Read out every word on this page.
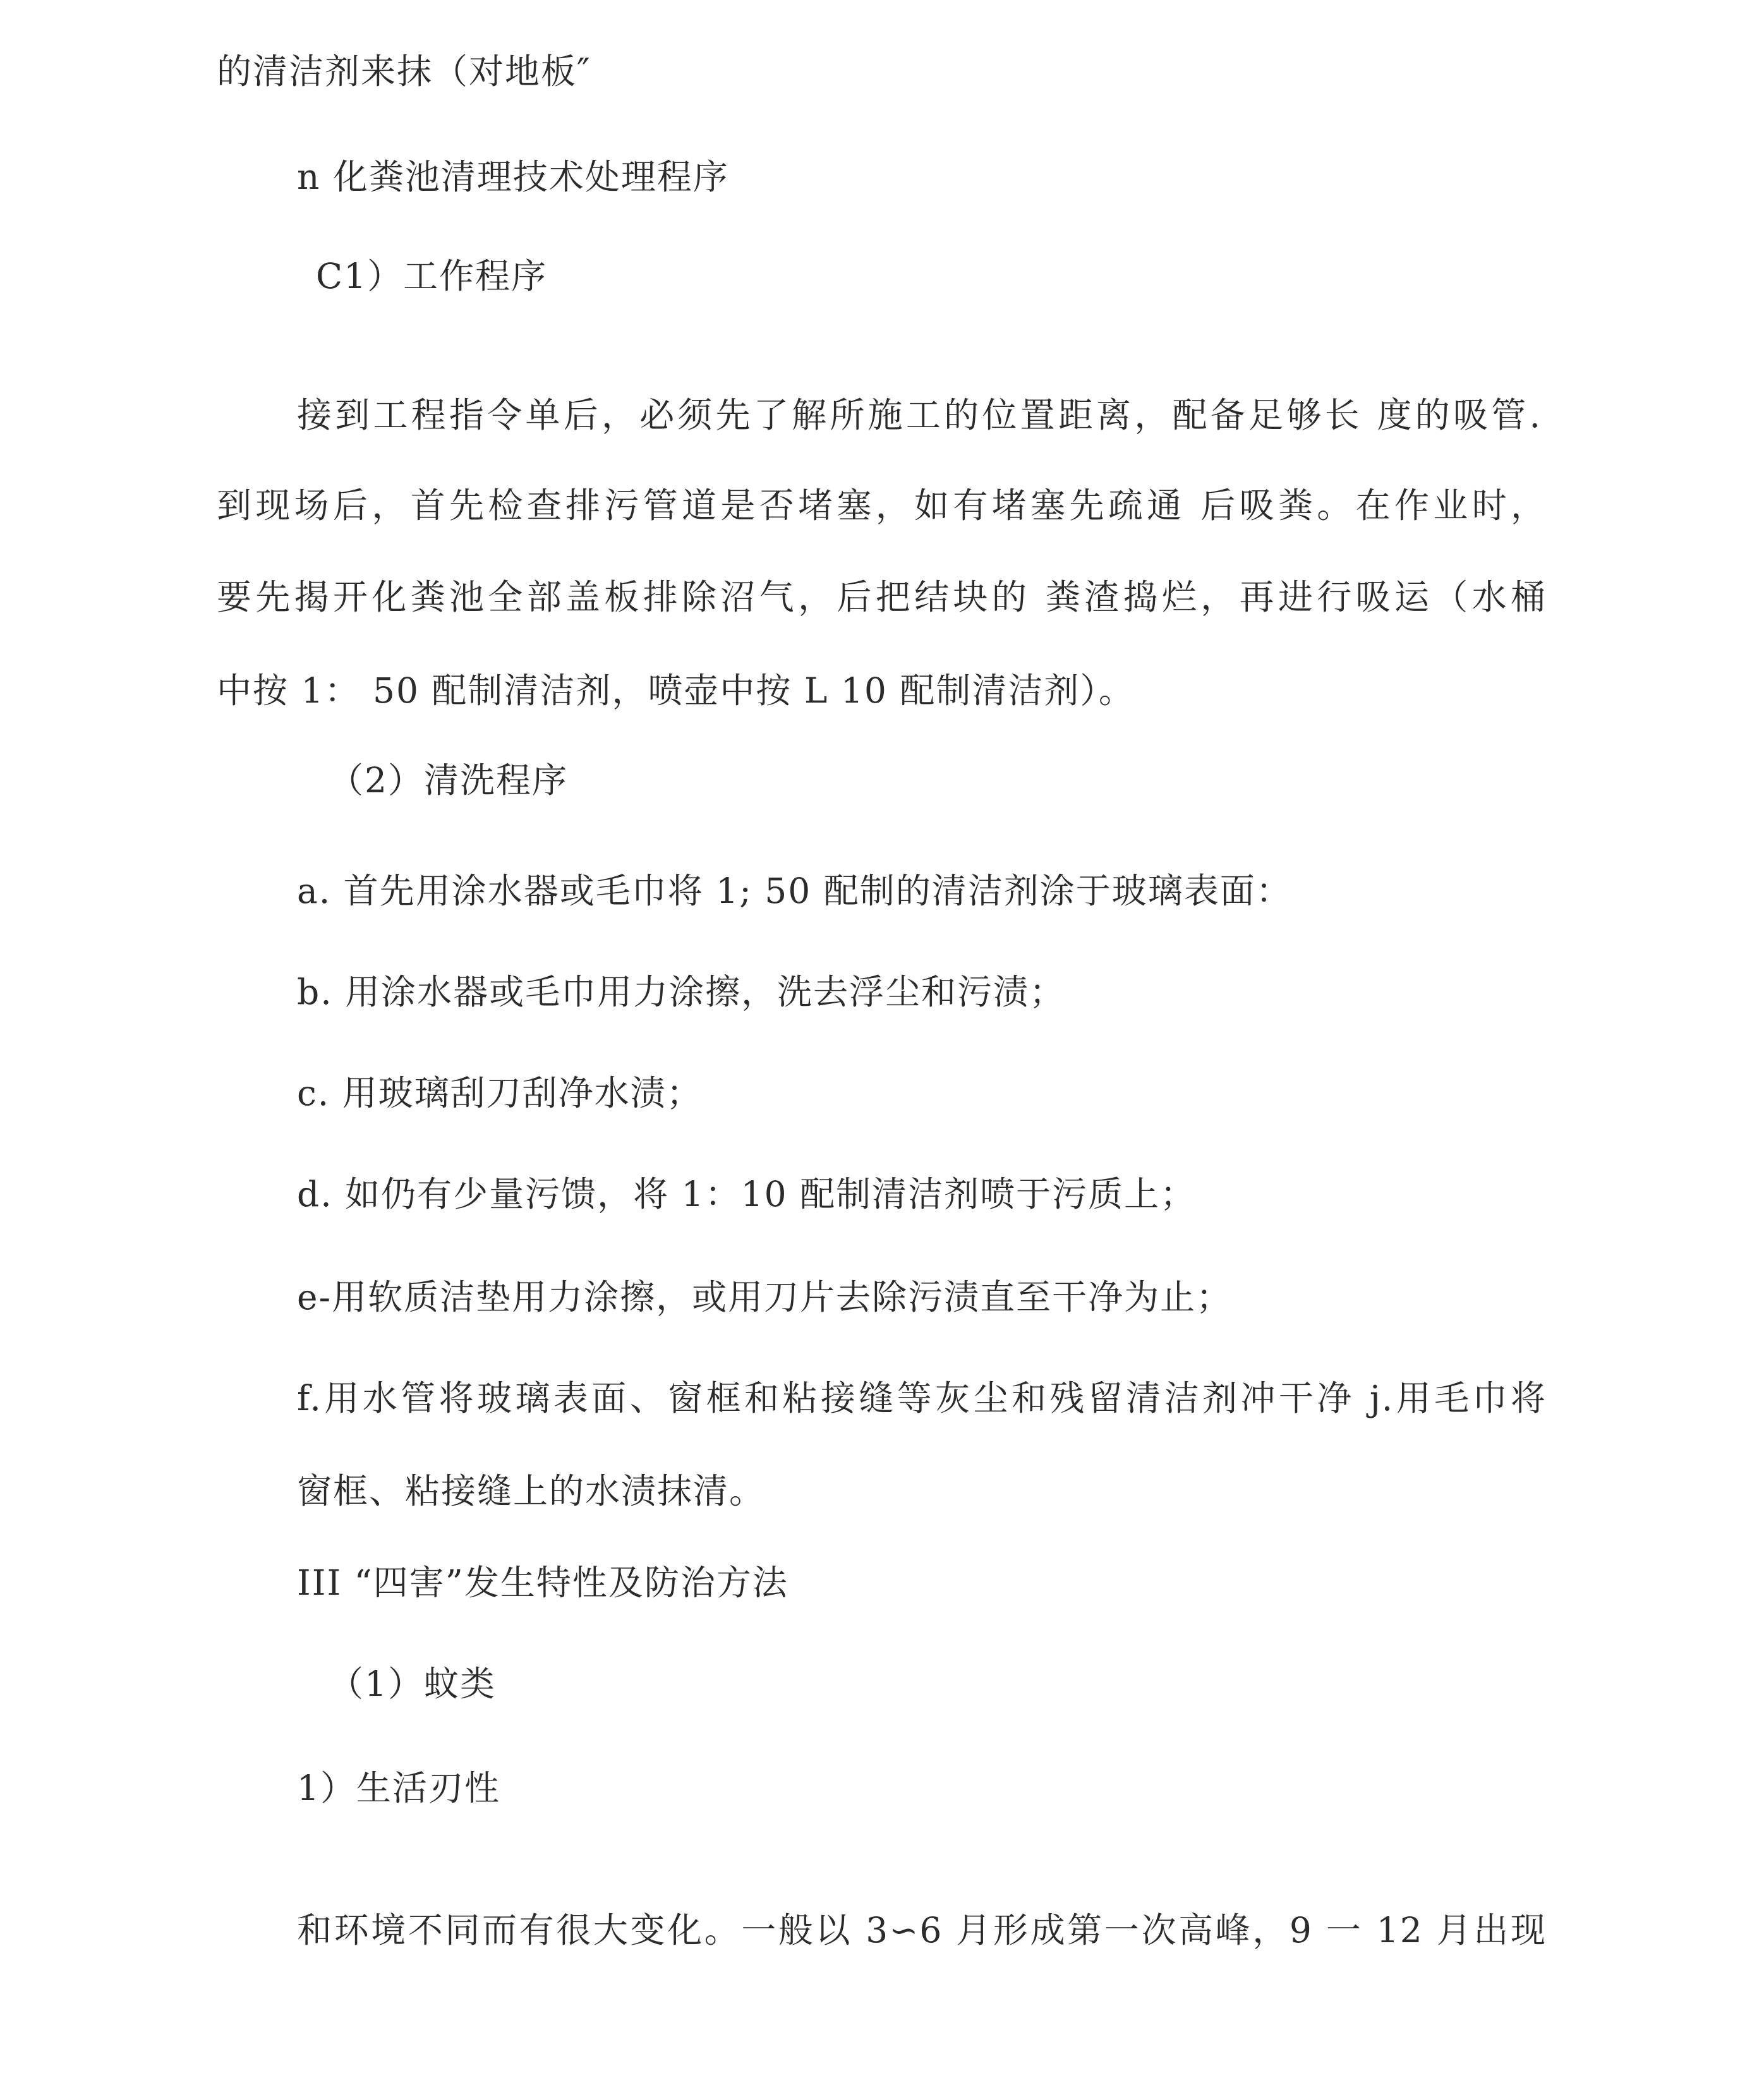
的清洁剂来抹（对地板″
n 化粪池清理技术处理程序
C1）工作程序
接到工程指令单后，必须先了解所施工的位置距离，配备足够长 度的吸管.
到现场后，首先检查排污管道是否堵塞，如有堵塞先疏通 后吸粪。在作业时，
要先揭开化粪池全部盖板排除沼气，后把结块的 粪渣捣烂，再进行吸运（水桶
中按 1： 50 配制清洁剂，喷壶中按 L 10 配制清洁剂）。
（2）清洗程序
a. 首先用涂水器或毛巾将 1; 50 配制的清洁剂涂于玻璃表面：
b. 用涂水器或毛巾用力涂擦，洗去浮尘和污渍；
c. 用玻璃刮刀刮净水渍；
d. 如仍有少量污馈，将 1：10 配制清洁剂喷于污质上；
e-用软质洁垫用力涂擦，或用刀片去除污渍直至干净为止；
f.用水管将玻璃表面、窗框和粘接缝等灰尘和残留清洁剂冲干净 j.用毛巾将
窗框、粘接缝上的水渍抹清。
III “四害”发生特性及防治方法
（1）蚊类
1）生活刃性
和环境不同而有很大变化。一般以 3∽6 月形成第一次高峰，9 一 12 月出现
